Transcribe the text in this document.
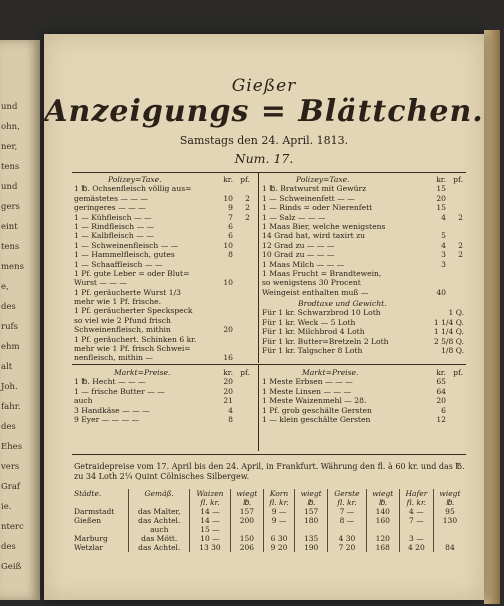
und
ohn,
ner,
tens
und
gers
eint
tens
mens
e,
des
rufs
ehm
alt
Joh.
fahr.
des
Ehes
vers
Graf
ie.
nterc
des
Geiß
Gießer
Anzeigungs = Blättchen.
Samstags den 24. April. 1813.
Num. 17.
Polizey=Taxe.	kr. pf.
1 ℔. Ochsenfleisch völlig aus=
gemästetes — — —	10	2
geringeres — — —	9	2
1 — Kühfleisch — —	7	2
1 — Rindfleisch — —	6
1 — Kalbfleisch — —	6
1 — Schweinenfleisch — —	10
1 — Hammelfleisch, gutes	8
1 — Schaaffleisch — —
1 Pf. gute Leber = oder Blut=
Wurst — — —	10
1 Pf. geräucherte Wurst 1/3
mehr wie 1 Pf. frische.
1 Pf. geräucherter Speckspeck
so viel wie 2 Pfund frisch
Schweinenfleisch, mithin	20
1 Pf. geräuchert. Schinken 6 kr.
mehr wie 1 Pf. frisch Schwei=
nenfleisch, mithin —	16
Polizey=Taxe.	kr. pf.
1 ℔. Bratwurst mit Gewürz	15
1 — Schweinenfett — —	20
1 — Rinds = oder Nierenfett	15
1 — Salz — — —	4	2
1 Maas Bier, welche wenigstens
14 Grad hat, wird taxirt zu	5
12 Grad zu — — —	4	2
10 Grad zu — — —	3	2
1 Maas Milch — — —	3
1 Maas Frucht = Brandtewein,
so wenigstens 30 Procent
Weingeist enthalten muß —	40
Brodtaxe und Gewicht.
Für 1 kr. Schwarzbrod 10 Loth	1 Q.
Für 1 kr. Weck — 5 Loth	1 1/4 Q.
Für 1 kr. Milchbrod 4 Loth	1 1/4 Q.
Für 1 kr. Butter=Bretzeln 2 Loth	2 5/8 Q.
Für 1 kr. Talgscher 8 Loth	1/8 Q.
Markt=Preise.	kr. pf.
1 ℔. Hecht — — —	20
1 — frische Butter — —	20
auch	21
3 Handkäse — — —	4
9 Eyer — — — —	8
Markt=Preise.	kr. pf.
1 Meste Erbsen — — —	65
1 Meste Linsen — — —	64
1 Meste Waizenmehl — 28.	20
1 Pf. grob geschälte Gersten	6
1 — klein geschälte Gersten	12
Getraidepreise vom 17. April bis den 24. April, in Frankfurt. Währung den fl. à 60 kr. und das ℔. zu 34 Loth 2¼ Quint Cölnisches Silbergew.
Städte.	Gemäß.	Waizen	wiegt	Korn	wiegt	Gerste	wiegt	Hafer	wiegt
		fl. kr.	℔.	fl. kr.	℔.	fl. kr.	℔.	fl. kr.	℔.
Darmstadt	das Malter,	14 —	157	9 —	157	7 —	140	4 —	95
Gießen	das Achtel.	14 —	200	9 —	180	8 —	160	7 —	130
	auch	15 —							
Marburg	das Mött.	10 —	150	6 30	135	4 30	120	3 —	
Wetzlar	das Achtel.	13 30	206	9 20	190	7 20	168	4 20	84
